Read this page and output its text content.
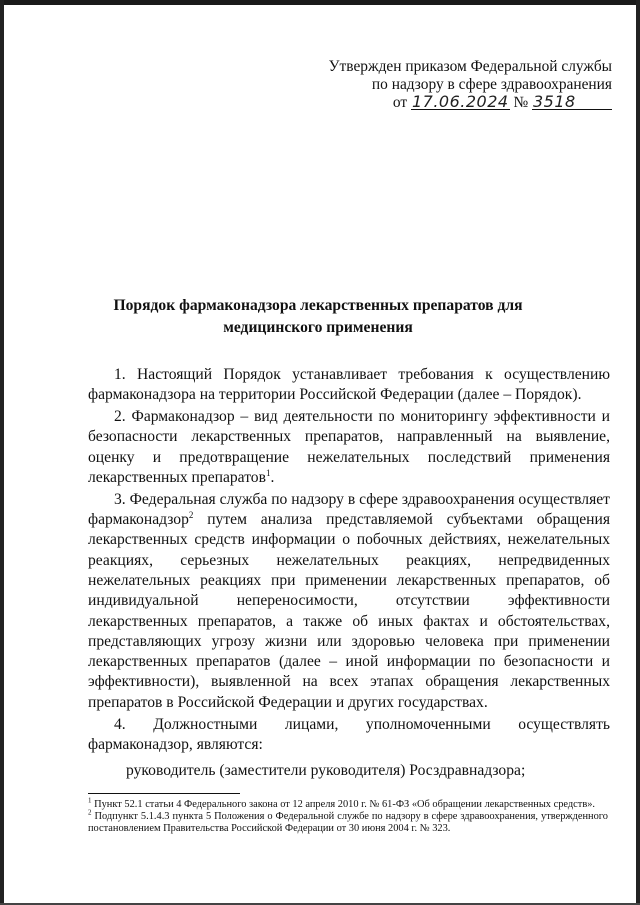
Утвержден приказом Федеральной службы
по надзору в сфере здравоохранения
от 17.06.2024 № 3518
Порядок фармаконадзора лекарственных препаратов для медицинского применения

1. Настоящий Порядок устанавливает требования к осуществлению фармаконадзора на территории Российской Федерации (далее – Порядок).

2. Фармаконадзор – вид деятельности по мониторингу эффективности и безопасности лекарственных препаратов, направленный на выявление, оценку и предотвращение нежелательных последствий применения лекарственных препаратов$^1$.

3. Федеральная служба по надзору в сфере здравоохранения осуществляет фармаконадзор$^2$ путем анализа представляемой субъектами обращения лекарственных средств информации о побочных действиях, нежелательных реакциях, серьезных нежелательных реакциях, непредвиденных нежелательных реакциях при применении лекарственных препаратов, об индивидуальной непереносимости, отсутствии эффективности лекарственных препаратов, а также об иных фактах и обстоятельствах, представляющих угрозу жизни или здоровью человека при применении лекарственных препаратов (далее – иной информации по безопасности и эффективности), выявленной на всех этапах обращения лекарственных препаратов в Российской Федерации и других государствах.

4. Должностными лицами, уполномоченными осуществлять фармаконадзор, являются:

руководитель (заместители руководителя) Росздравнадзора;

$^1$ Пункт 52.1 статьи 4 Федерального закона от 12 апреля 2010 г. № 61-ФЗ «Об обращении лекарственных средств».

$^2$ Подпункт 5.1.4.3 пункта 5 Положения о Федеральной службе по надзору в сфере здравоохранения, утвержденного постановлением Правительства Российской Федерации от 30 июня 2004 г. № 323.
